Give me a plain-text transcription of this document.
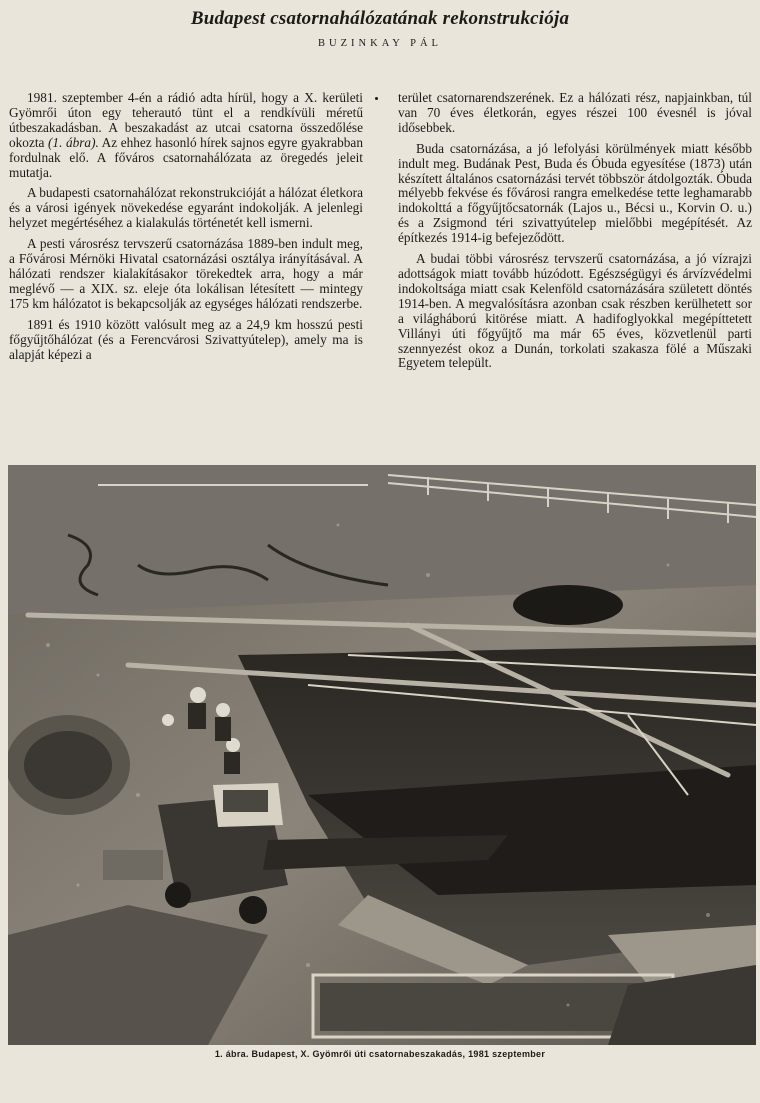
Budapest csatornahálózatának rekonstrukciója
BUZINKAY PÁL

1981. szeptember 4-én a rádió adta hírül, hogy a X. kerületi Gyömrői úton egy teherautó tünt el a rendkívüli méretű útbeszakadásban. A beszakadást az utcai csatorna összedőlése okozta (1. ábra). Az ehhez hasonló hírek sajnos egyre gyakrabban fordulnak elő. A főváros csatornahálózata az öregedés jeleit mutatja.

A budapesti csatornahálózat rekonstrukcióját a hálózat életkora és a városi igények növekedése egyaránt indokolják. A jelenlegi helyzet megértéséhez a kialakulás történetét kell ismerni.

A pesti városrész tervszerű csatornázása 1889-ben indult meg, a Fővárosi Mérnöki Hivatal csatornázási osztálya irányításával. A hálózati rendszer kialakításakor törekedtek arra, hogy a már meglévő — a XIX. sz. eleje óta lokálisan létesített — mintegy 175 km hálózatot is bekapcsolják az egységes hálózati rendszerbe.

1891 és 1910 között valósult meg az a 24,9 km hosszú pesti főgyűjtőhálózat (és a Ferencvárosi Szivattyútelep), amely ma is alapját képezi a

terület csatornarendszerének. Ez a hálózati rész, napjainkban, túl van 70 éves életkorán, egyes részei 100 évesnél is jóval idősebbek.

Buda csatornázása, a jó lefolyási körülmények miatt később indult meg. Budának Pest, Buda és Óbuda egyesítése (1873) után készített általános csatornázási tervét többször átdolgozták. Óbuda mélyebb fekvése és fővárosi rangra emelkedése tette leghamarabb indokolttá a főgyűjtőcsatornák (Lajos u., Bécsi u., Korvin O. u.) és a Zsigmond téri szivattyútelep mielőbbi megépítését. Az építkezés 1914-ig befejeződött.

A budai többi városrész tervszerű csatornázása, a jó vízrajzi adottságok miatt tovább húzódott. Egészségügyi és árvízvédelmi indokoltsága miatt csak Kelenföld csatornázására született döntés 1914-ben. A megvalósításra azonban csak részben kerülhetett sor a világháború kitörése miatt. A hadifoglyokkal megépíttetett Villányi úti főgyűjtő ma már 65 éves, közvetlenül parti szennyezést okoz a Dunán, torkolati szakasza fölé a Műszaki Egyetem települt.

1. ábra. Budapest, X. Gyömrői úti csatornabeszakadás, 1981 szeptember
